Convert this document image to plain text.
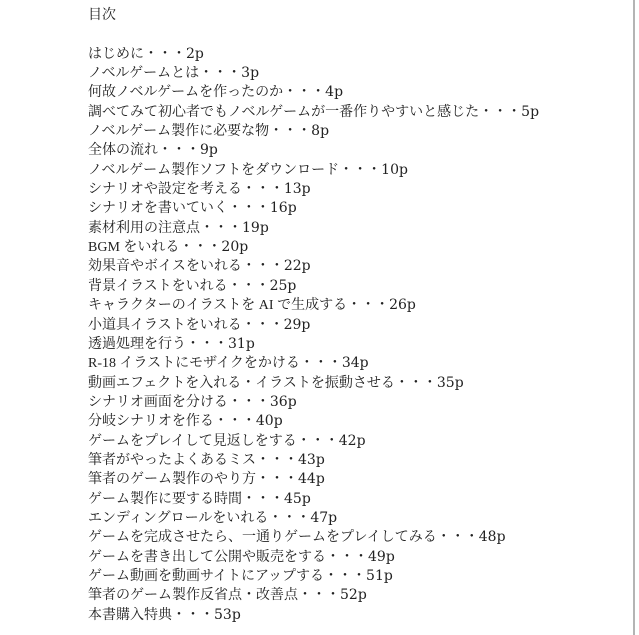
目次
はじめに・・・2p
ノベルゲームとは・・・3p
何故ノベルゲームを作ったのか・・・4p
調べてみて初心者でもノベルゲームが一番作りやすいと感じた・・・5p
ノベルゲーム製作に必要な物・・・8p
全体の流れ・・・9p
ノベルゲーム製作ソフトをダウンロード・・・10p
シナリオや設定を考える・・・13p
シナリオを書いていく・・・16p
素材利用の注意点・・・19p
BGM をいれる・・・20p
効果音やボイスをいれる・・・22p
背景イラストをいれる・・・25p
キャラクターのイラストを AI で生成する・・・26p
小道具イラストをいれる・・・29p
透過処理を行う・・・31p
R-18 イラストにモザイクをかける・・・34p
動画エフェクトを入れる・イラストを振動させる・・・35p
シナリオ画面を分ける・・・36p
分岐シナリオを作る・・・40p
ゲームをプレイして見返しをする・・・42p
筆者がやったよくあるミス・・・43p
筆者のゲーム製作のやり方・・・44p
ゲーム製作に要する時間・・・45p
エンディングロールをいれる・・・47p
ゲームを完成させたら、一通りゲームをプレイしてみる・・・48p
ゲームを書き出して公開や販売をする・・・49p
ゲーム動画を動画サイトにアップする・・・51p
筆者のゲーム製作反省点・改善点・・・52p
本書購入特典・・・53p
